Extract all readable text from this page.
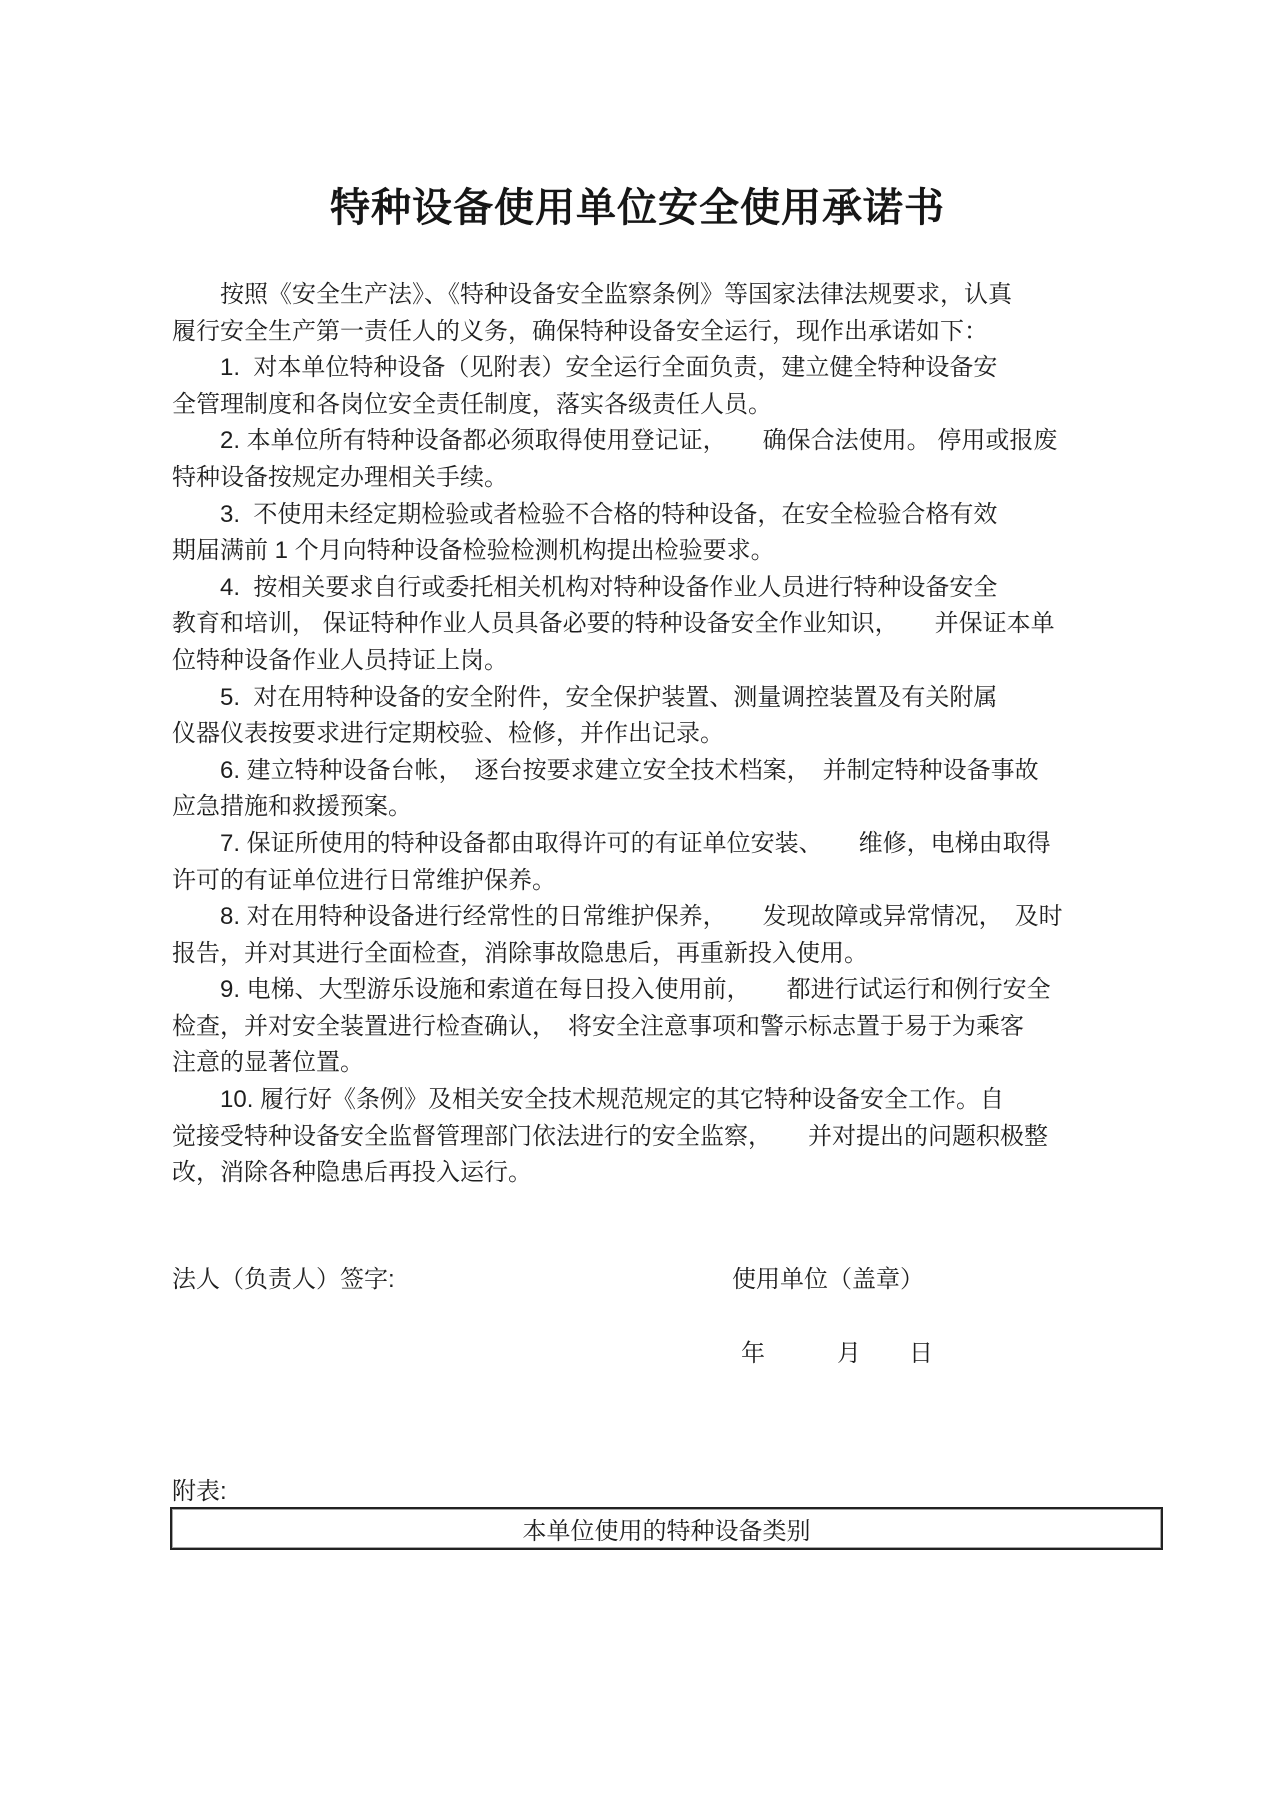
特种设备使用单位安全使用承诺书
　　按照《安全生产法》、《特种设备安全监察条例》等国家法律法规要求，认真
履行安全生产第一责任人的义务，确保特种设备安全运行，现作出承诺如下：
　　1.  对本单位特种设备（见附表）安全运行全面负责，建立健全特种设备安
全管理制度和各岗位安全责任制度，落实各级责任人员。
　　2. 本单位所有特种设备都必须取得使用登记证，　　确保合法使用。 停用或报废
特种设备按规定办理相关手续。
　　3.  不使用未经定期检验或者检验不合格的特种设备，在安全检验合格有效
期届满前 1 个月向特种设备检验检测机构提出检验要求。
　　4.  按相关要求自行或委托相关机构对特种设备作业人员进行特种设备安全
教育和培训， 保证特种作业人员具备必要的特种设备安全作业知识，　　并保证本单
位特种设备作业人员持证上岗。
　　5.  对在用特种设备的安全附件，安全保护装置、测量调控装置及有关附属
仪器仪表按要求进行定期校验、检修，并作出记录。
　　6. 建立特种设备台帐，　逐台按要求建立安全技术档案，　并制定特种设备事故
应急措施和救援预案。
　　7. 保证所使用的特种设备都由取得许可的有证单位安装、　　维修，电梯由取得
许可的有证单位进行日常维护保养。
　　8. 对在用特种设备进行经常性的日常维护保养，　　发现故障或异常情况，　及时
报告，并对其进行全面检查，消除事故隐患后，再重新投入使用。
　　9. 电梯、大型游乐设施和索道在每日投入使用前，　　都进行试运行和例行安全
检查，并对安全装置进行检查确认，　将安全注意事项和警示标志置于易于为乘客
注意的显著位置。
　　10. 履行好《条例》及相关安全技术规范规定的其它特种设备安全工作。自
觉接受特种设备安全监督管理部门依法进行的安全监察，　　并对提出的问题积极整
改，消除各种隐患后再投入运行。
法人（负责人）签字:	使用单位（盖章）
年　　　月　　日
附表:
本单位使用的特种设备类别
